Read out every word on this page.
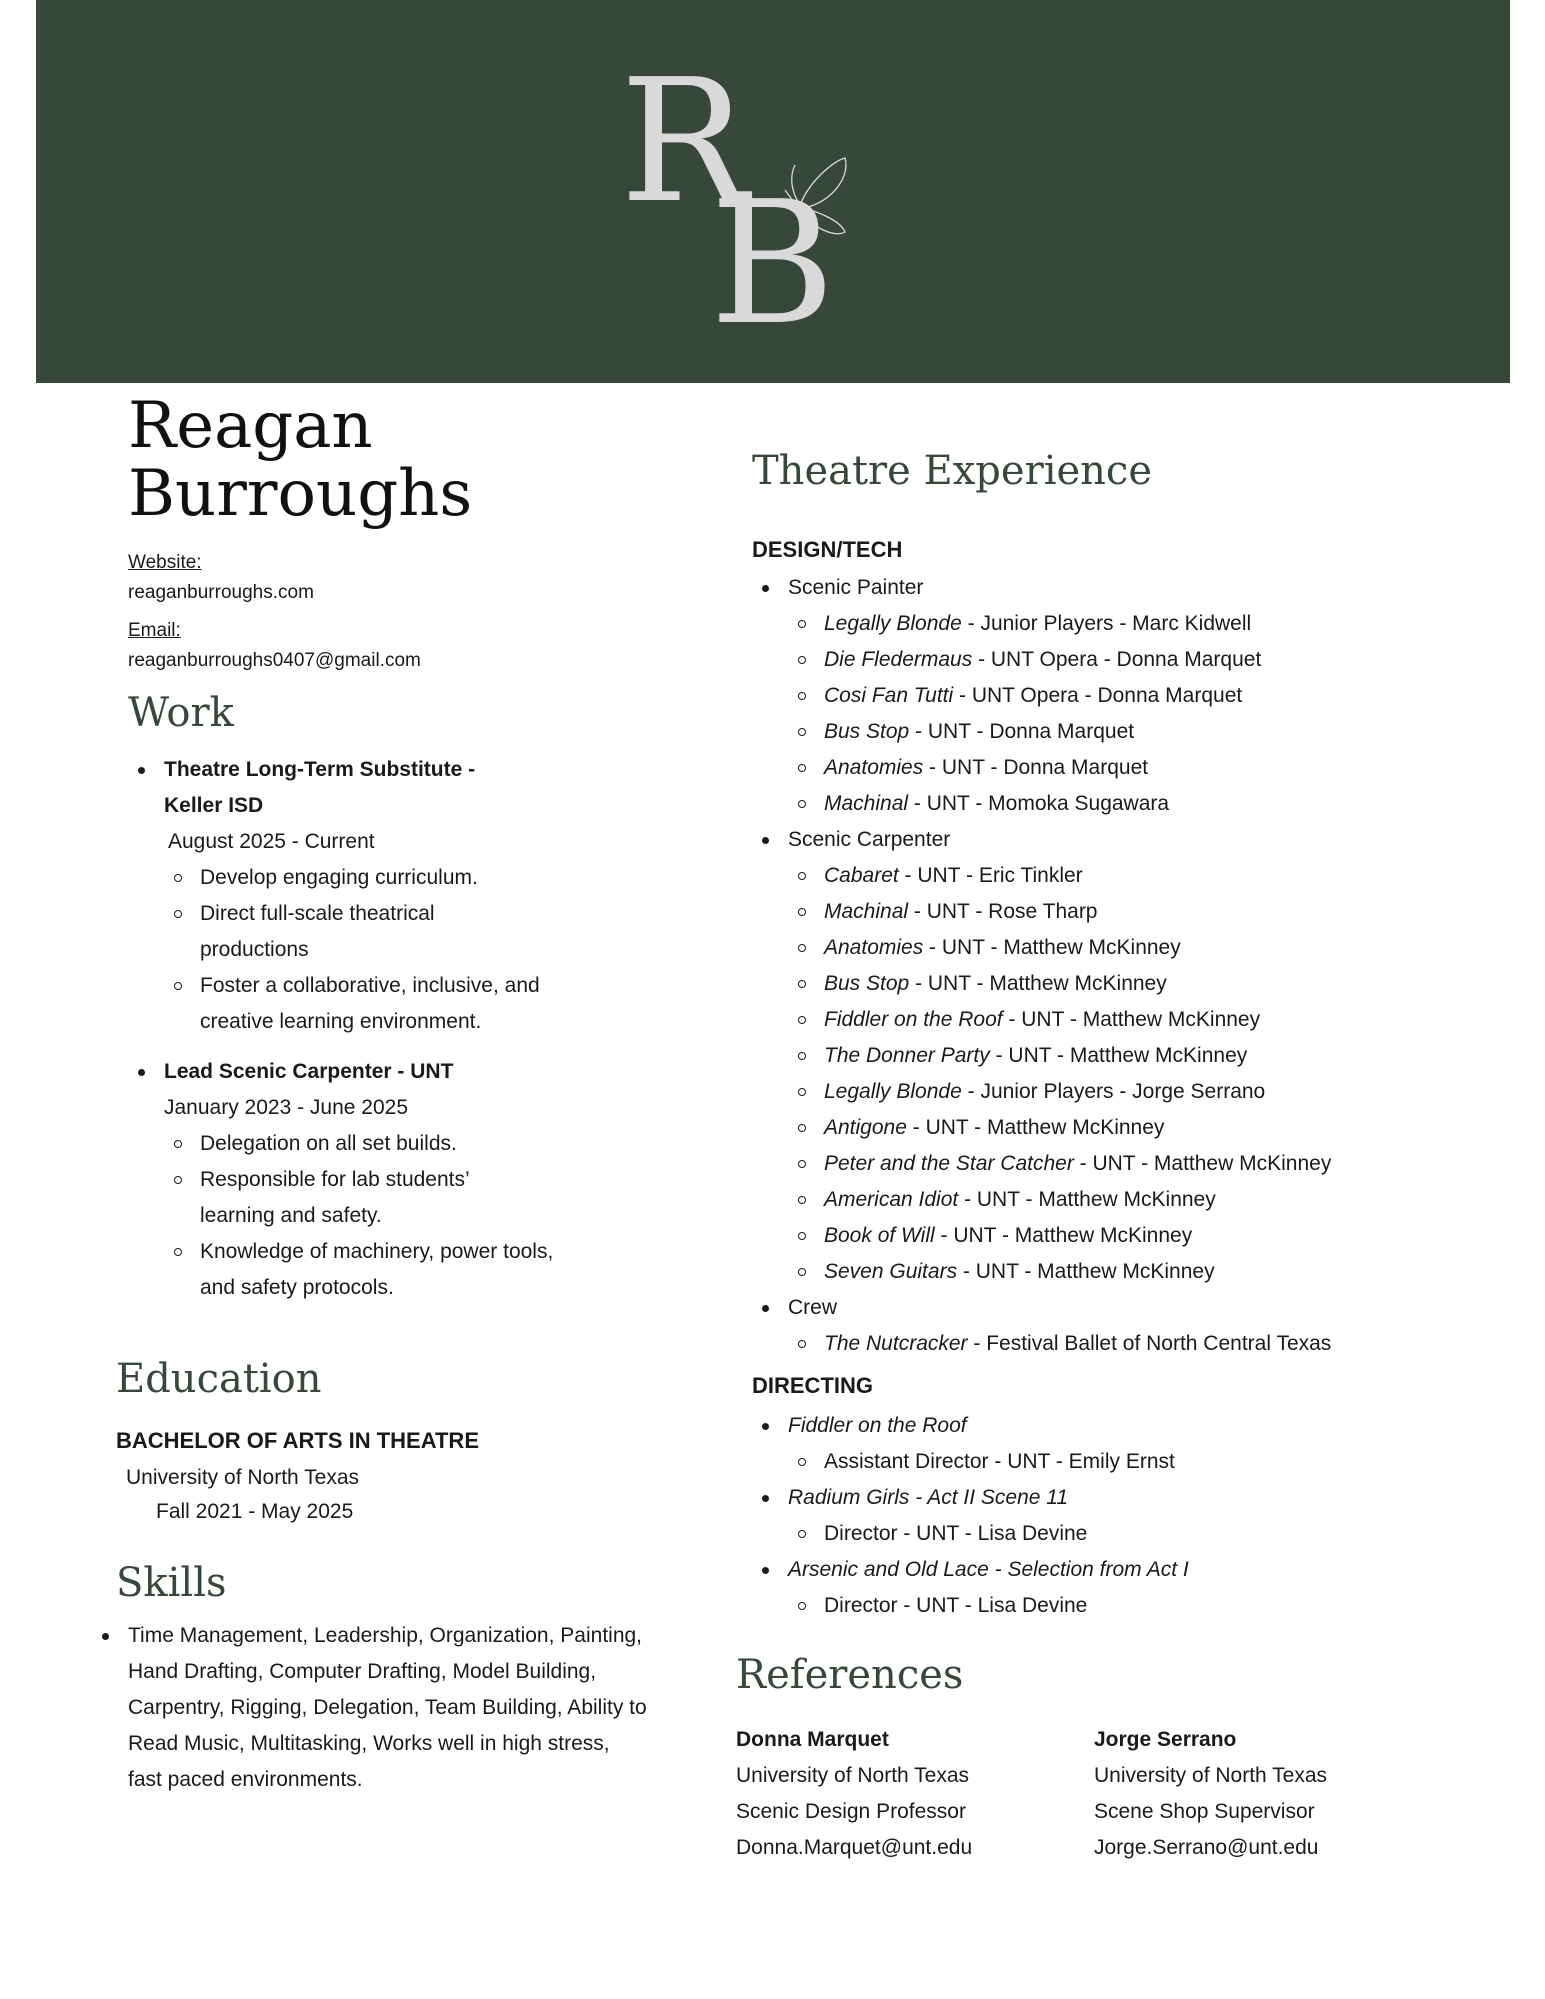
R
B
Reagan
Burroughs
Website:
reaganburroughs.com
Email:
reaganburroughs0407@gmail.com
Work
Theatre Long-Term Substitute -
Keller ISD
August 2025 - Current
Develop engaging curriculum.
Direct full-scale theatrical productions
Foster a collaborative, inclusive, and creative learning environment.
Lead Scenic Carpenter - UNT
January 2023 - June 2025
Delegation on all set builds.
Responsible for lab students’ learning and safety.
Knowledge of machinery, power tools, and safety protocols.
Education
BACHELOR OF ARTS IN THEATRE
University of North Texas
Fall 2021 - May 2025
Skills
Time Management, Leadership, Organization, Painting, Hand Drafting, Computer Drafting, Model Building, Carpentry, Rigging, Delegation, Team Building, Ability to Read Music, Multitasking, Works well in high stress, fast paced environments.
Theatre Experience
DESIGN/TECH
Scenic Painter
Legally Blonde - Junior Players - Marc Kidwell
Die Fledermaus - UNT Opera - Donna Marquet
Cosi Fan Tutti - UNT Opera - Donna Marquet
Bus Stop - UNT - Donna Marquet
Anatomies - UNT - Donna Marquet
Machinal - UNT - Momoka Sugawara
Scenic Carpenter
Cabaret - UNT - Eric Tinkler
Machinal - UNT - Rose Tharp
Anatomies - UNT - Matthew McKinney
Bus Stop - UNT - Matthew McKinney
Fiddler on the Roof - UNT - Matthew McKinney
The Donner Party - UNT - Matthew McKinney
Legally Blonde - Junior Players - Jorge Serrano
Antigone - UNT - Matthew McKinney
Peter and the Star Catcher - UNT - Matthew McKinney
American Idiot - UNT - Matthew McKinney
Book of Will - UNT - Matthew McKinney
Seven Guitars - UNT - Matthew McKinney
Crew
The Nutcracker - Festival Ballet of North Central Texas
DIRECTING
Fiddler on the Roof
Assistant Director - UNT - Emily Ernst
Radium Girls - Act II Scene 11
Director - UNT - Lisa Devine
Arsenic and Old Lace - Selection from Act I
Director - UNT - Lisa Devine
References
Donna Marquet
University of North Texas
Scenic Design Professor
Donna.Marquet@unt.edu
Jorge Serrano
University of North Texas
Scene Shop Supervisor
Jorge.Serrano@unt.edu
